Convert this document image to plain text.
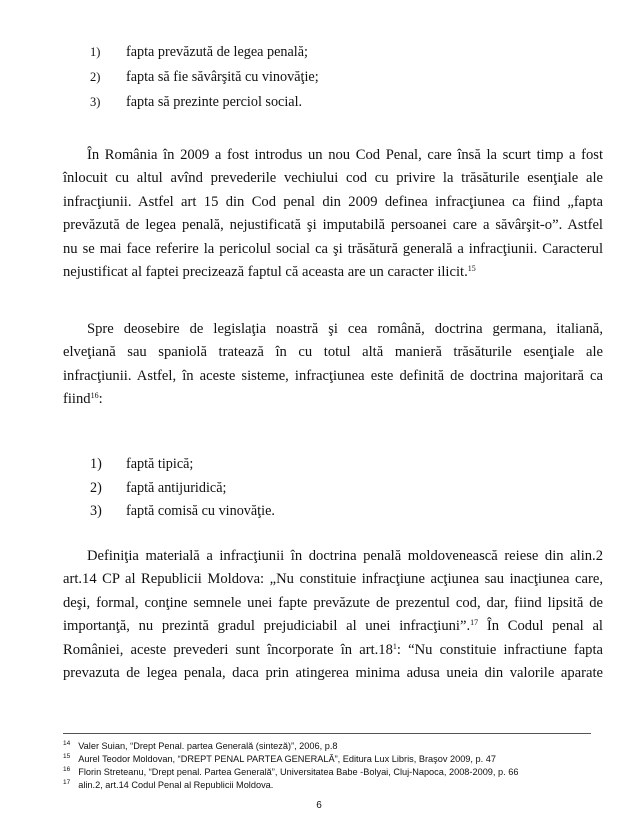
1) fapta prevăzută de legea penală;
2) fapta să fie săvârşită cu vinovăţie;
3) fapta să prezinte perciol social.
În România în 2009 a fost introdus un nou Cod Penal, care însă la scurt timp a fost
înlocuit cu altul avînd prevederile vechiului cod cu privire la trăsăturile esenţiale ale
infracţiunii. Astfel art 15 din Cod penal din 2009 definea infracţiunea ca fiind „fapta
prevăzută de legea penală, nejustificată şi imputabilă persoanei care a săvârşit-o”. Astfel
nu se mai face referire la pericolul social ca şi trăsătură generală a infracţiunii. Caracterul
nejustificat al faptei precizează faptul că aceasta are un caracter ilicit.$^{15}$
Spre deosebire de legislaţia noastră şi cea română, doctrina germana, italiană,
elveţiană sau spaniolă tratează în cu totul altă manieră trăsăturile esenţiale ale
infracţiunii. Astfel, în aceste sisteme, infracţiunea este definită de doctrina majoritară ca
fiind$^{16}$:
1) faptă tipică;
2) faptă antijuridică;
3) faptă comisă cu vinovăţie.
Definiţia materială a infracţiunii în doctrina penală moldovenească reiese din alin.2
art.14 CP al Republicii Moldova: „Nu constituie infracţiune acţiunea sau inacţiunea care,
deşi, formal, conţine semnele unei fapte prevăzute de prezentul cod, dar, fiind lipsită de
importanţă, nu prezintă gradul prejudiciabil al unei infracţiuni”.$^{17}$ În Codul penal al
României, aceste prevederi sunt încorporate în $art.18^1$: “Nu constituie infractiune fapta
prevazuta de legea penala, daca prin atingerea minima adusa uneia din valorile aparate
$^{14}$ Valer Suian, “Drept Penal. partea Generală (sinteză)”, 2006, p.8
$^{15}$ Aurel Teodor Moldovan, “DREPT PENAL PARTEA GENERALĂ”, Editura Lux Libris, Braşov 2009, p. 47
$^{16}$ Florin Streteanu, “Drept penal. Partea Generală”, Universitatea Babe -Bolyai, Cluj-Napoca, 2008-2009, p. 66
$^{17}$ alin.2, art.14 Codul Penal al Republicii Moldova.
6
